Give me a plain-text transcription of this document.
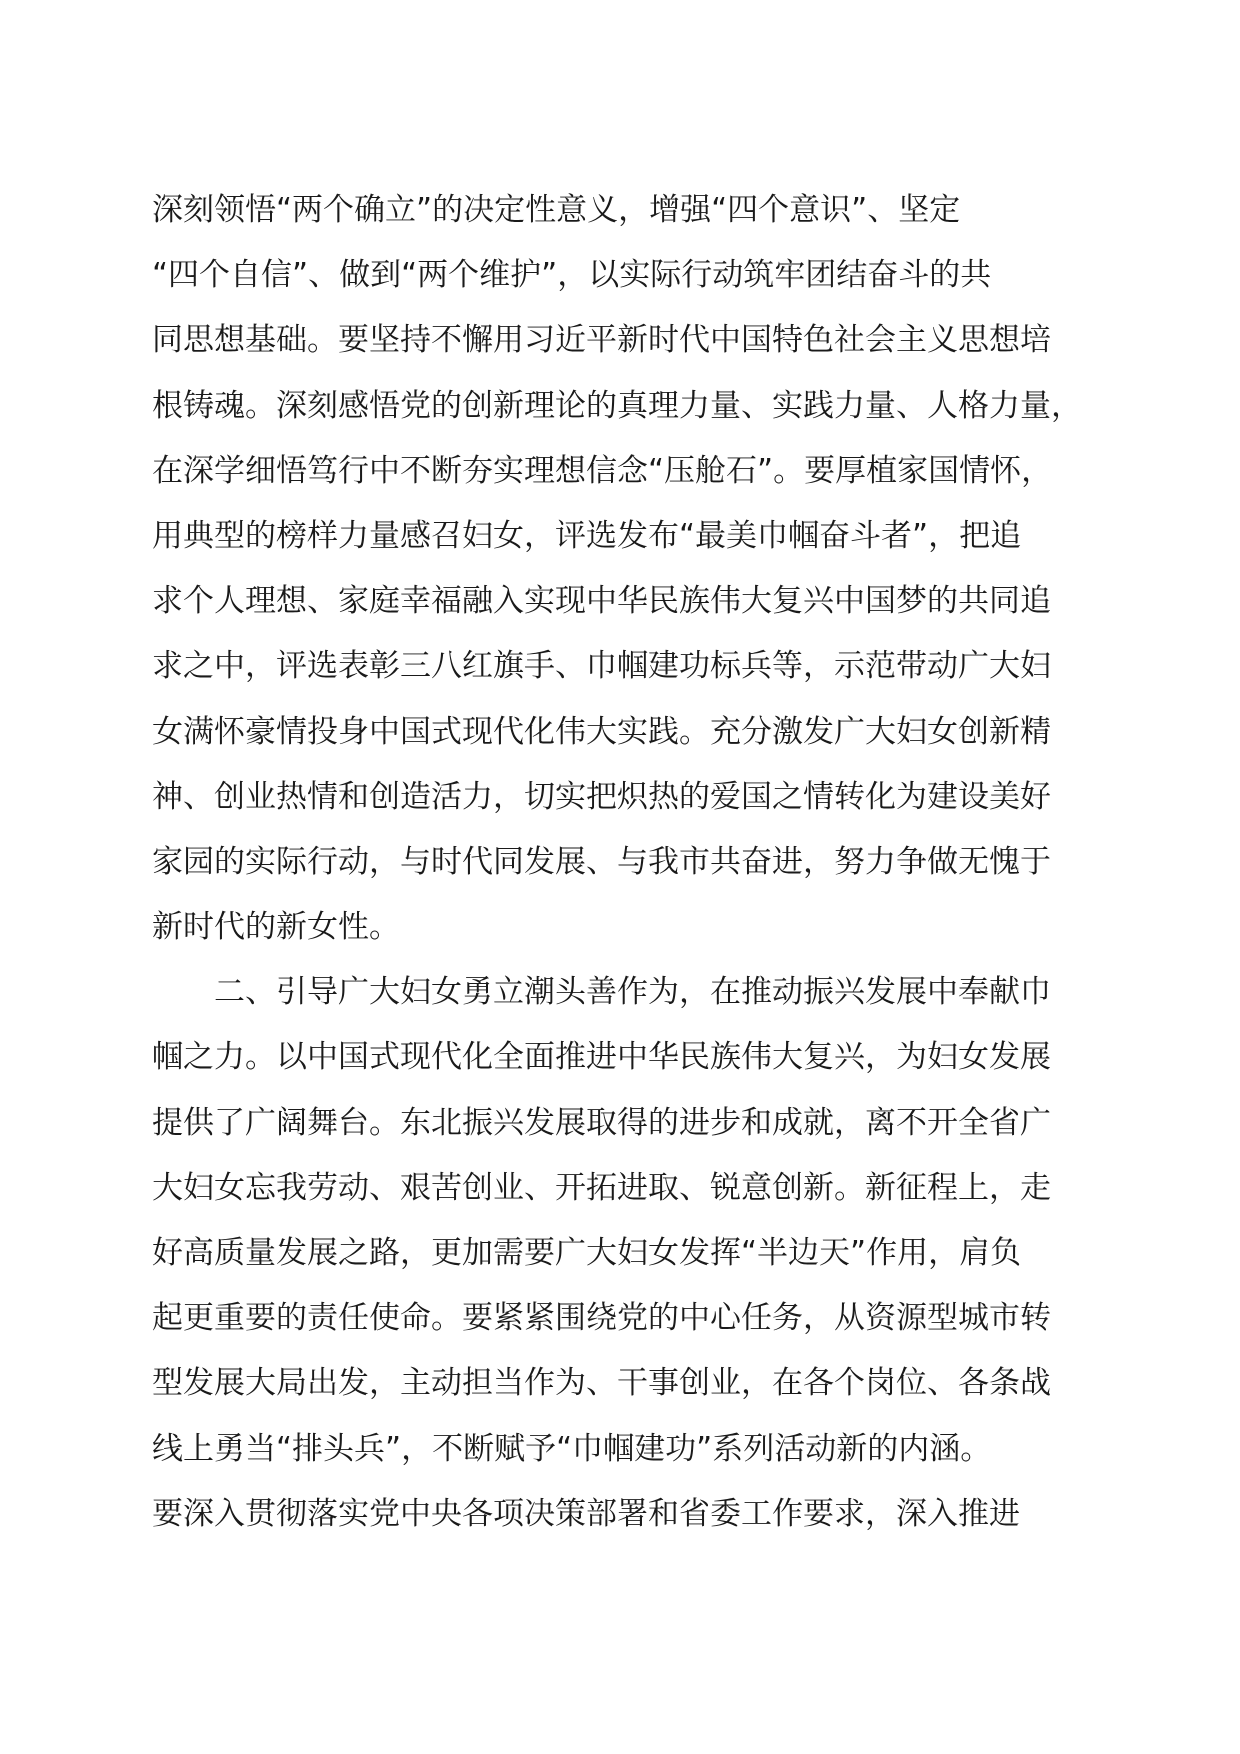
深刻领悟“两个确立”的决定性意义，增强“四个意识”、坚定
“四个自信”、做到“两个维护”，以实际行动筑牢团结奋斗的共
同思想基础。要坚持不懈用习近平新时代中国特色社会主义思想培
根铸魂。深刻感悟党的创新理论的真理力量、实践力量、人格力量，
在深学细悟笃行中不断夯实理想信念“压舱石”。要厚植家国情怀，
用典型的榜样力量感召妇女，评选发布“最美巾帼奋斗者”，把追
求个人理想、家庭幸福融入实现中华民族伟大复兴中国梦的共同追
求之中，评选表彰三八红旗手、巾帼建功标兵等，示范带动广大妇
女满怀豪情投身中国式现代化伟大实践。充分激发广大妇女创新精
神、创业热情和创造活力，切实把炽热的爱国之情转化为建设美好
家园的实际行动，与时代同发展、与我市共奋进，努力争做无愧于
新时代的新女性。
　　二、引导广大妇女勇立潮头善作为，在推动振兴发展中奉献巾
帼之力。以中国式现代化全面推进中华民族伟大复兴，为妇女发展
提供了广阔舞台。东北振兴发展取得的进步和成就，离不开全省广
大妇女忘我劳动、艰苦创业、开拓进取、锐意创新。新征程上，走
好高质量发展之路，更加需要广大妇女发挥“半边天”作用，肩负
起更重要的责任使命。要紧紧围绕党的中心任务，从资源型城市转
型发展大局出发，主动担当作为、干事创业，在各个岗位、各条战
线上勇当“排头兵”，不断赋予“巾帼建功”系列活动新的内涵。
要深入贯彻落实党中央各项决策部署和省委工作要求，深入推进
